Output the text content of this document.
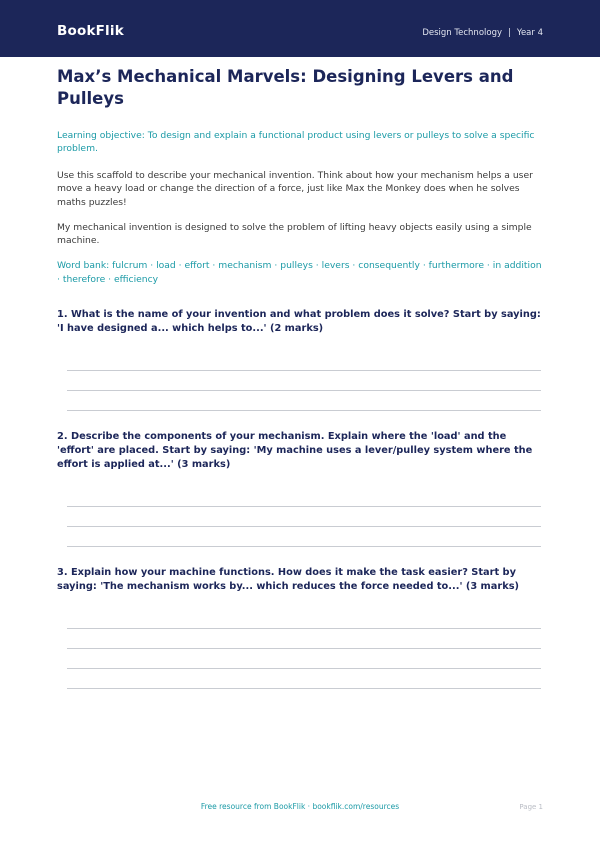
BookFlik	Design Technology | Year 4
Max’s Mechanical Marvels: Designing Levers and Pulleys

Learning objective: To design and explain a functional product using levers or pulleys to solve a specific problem.

Use this scaffold to describe your mechanical invention. Think about how your mechanism helps a user move a heavy load or change the direction of a force, just like Max the Monkey does when he solves maths puzzles!

My mechanical invention is designed to solve the problem of lifting heavy objects easily using a simple machine.

Word bank: fulcrum · load · effort · mechanism · pulleys · levers · consequently · furthermore · in addition · therefore · efficiency

1. What is the name of your invention and what problem does it solve? Start by saying: 'I have designed a... which helps to...' (2 marks)

2. Describe the components of your mechanism. Explain where the 'load' and the 'effort' are placed. Start by saying: 'My machine uses a lever/pulley system where the effort is applied at...' (3 marks)

3. Explain how your machine functions. How does it make the task easier? Start by saying: 'The mechanism works by... which reduces the force needed to...' (3 marks)

Free resource from BookFlik · bookflik.com/resources	Page 1
